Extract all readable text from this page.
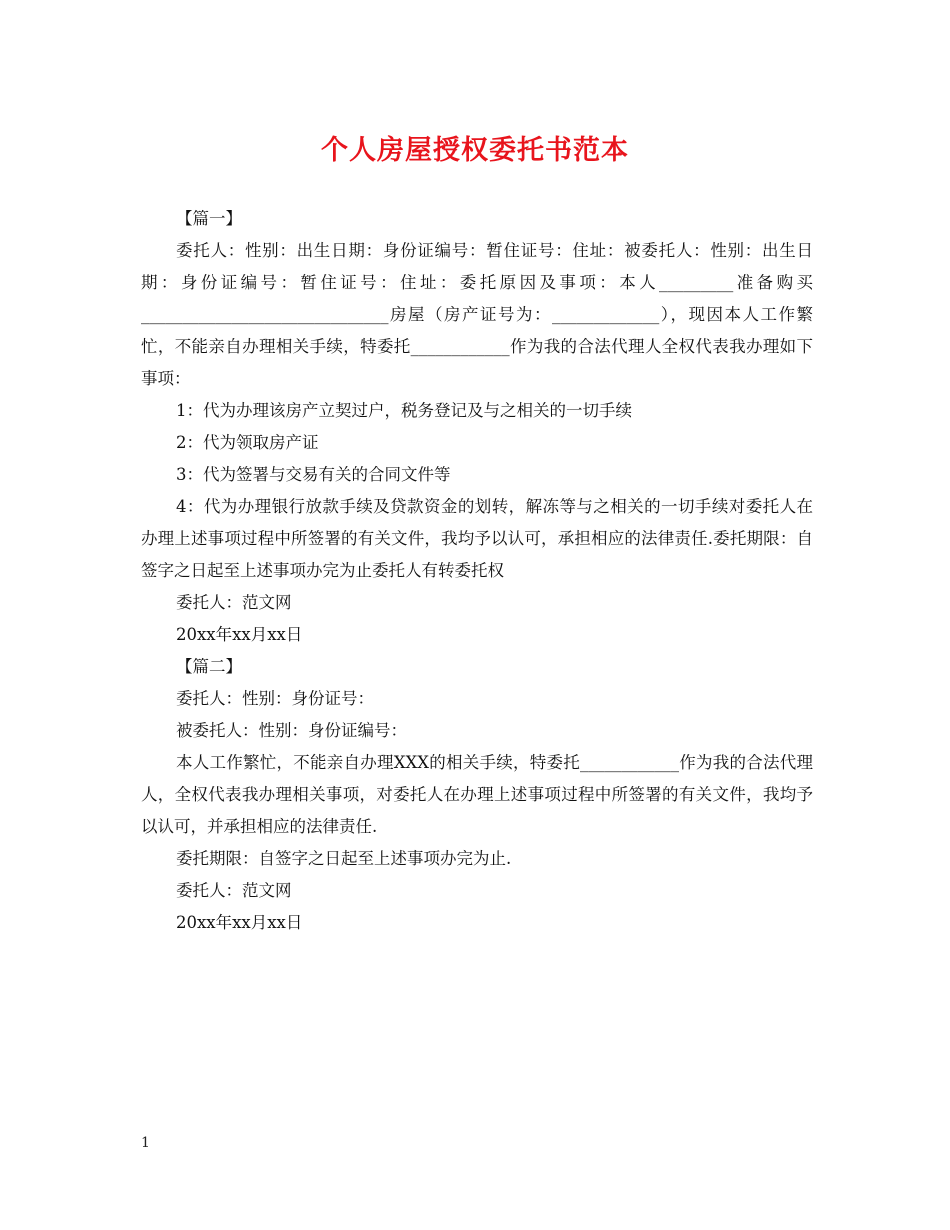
个人房屋授权委托书范本

【篇一】

委托人：性别：出生日期：身份证编号：暂住证号：住址：被委托人：性别：出生日期：身份证编号：暂住证号：住址：委托原因及事项：本人_________准备购买______________________________房屋（房产证号为：_____________），现因本人工作繁忙，不能亲自办理相关手续，特委托____________作为我的合法代理人全权代表我办理如下事项：

1：代为办理该房产立契过户，税务登记及与之相关的一切手续

2：代为领取房产证

3：代为签署与交易有关的合同文件等

4：代为办理银行放款手续及贷款资金的划转，解冻等与之相关的一切手续对委托人在办理上述事项过程中所签署的有关文件，我均予以认可，承担相应的法律责任.委托期限：自签字之日起至上述事项办完为止委托人有转委托权

委托人：范文网

20xx年xx月xx日

【篇二】

委托人：性别：身份证号：

被委托人：性别：身份证编号：

本人工作繁忙，不能亲自办理XXX的相关手续，特委托____________作为我的合法代理人，全权代表我办理相关事项，对委托人在办理上述事项过程中所签署的有关文件，我均予以认可，并承担相应的法律责任.

委托期限：自签字之日起至上述事项办完为止.

委托人：范文网

20xx年xx月xx日

1
